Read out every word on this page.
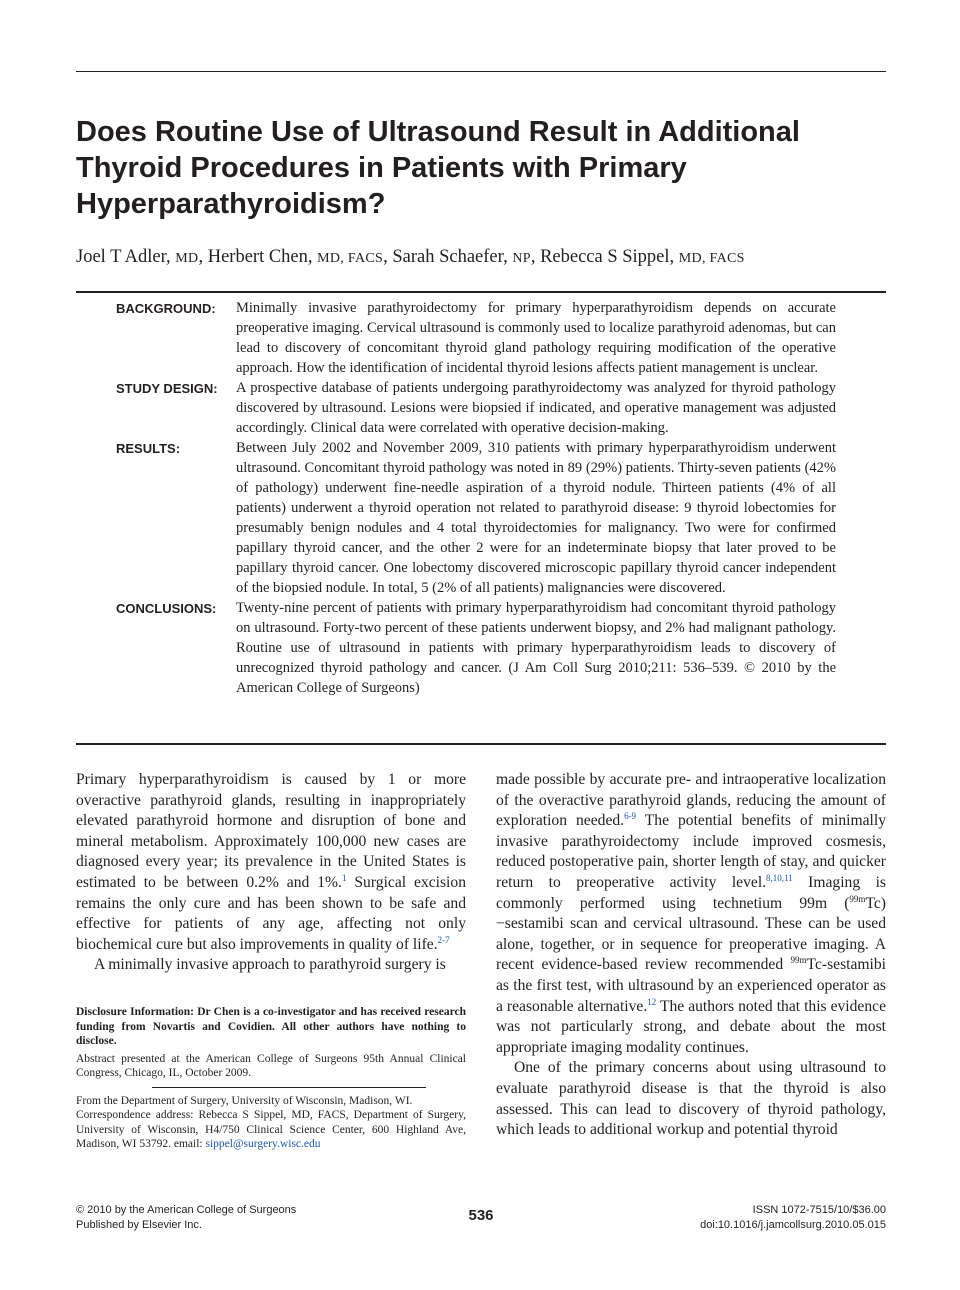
Does Routine Use of Ultrasound Result in Additional Thyroid Procedures in Patients with Primary Hyperparathyroidism?
Joel T Adler, MD, Herbert Chen, MD, FACS, Sarah Schaefer, NP, Rebecca S Sippel, MD, FACS
BACKGROUND:	Minimally invasive parathyroidectomy for primary hyperparathyroidism depends on accurate preoperative imaging. Cervical ultrasound is commonly used to localize parathyroid adenomas, but can lead to discovery of concomitant thyroid gland pathology requiring modification of the operative approach. How the identification of incidental thyroid lesions affects patient management is unclear.
STUDY DESIGN:	A prospective database of patients undergoing parathyroidectomy was analyzed for thyroid pathology discovered by ultrasound. Lesions were biopsied if indicated, and operative management was adjusted accordingly. Clinical data were correlated with operative decision-making.
RESULTS:	Between July 2002 and November 2009, 310 patients with primary hyperparathyroidism underwent ultrasound. Concomitant thyroid pathology was noted in 89 (29%) patients. Thirty-seven patients (42% of pathology) underwent fine-needle aspiration of a thyroid nodule. Thirteen patients (4% of all patients) underwent a thyroid operation not related to parathyroid disease: 9 thyroid lobectomies for presumably benign nodules and 4 total thyroidectomies for malignancy. Two were for confirmed papillary thyroid cancer, and the other 2 were for an indeterminate biopsy that later proved to be papillary thyroid cancer. One lobectomy discovered microscopic papillary thyroid cancer independent of the biopsied nodule. In total, 5 (2% of all patients) malignancies were discovered.
CONCLUSIONS:	Twenty-nine percent of patients with primary hyperparathyroidism had concomitant thyroid pathology on ultrasound. Forty-two percent of these patients underwent biopsy, and 2% had malignant pathology. Routine use of ultrasound in patients with primary hyperparathyroidism leads to discovery of unrecognized thyroid pathology and cancer. (J Am Coll Surg 2010;211: 536–539. © 2010 by the American College of Surgeons)

Primary hyperparathyroidism is caused by 1 or more overactive parathyroid glands, resulting in inappropriately elevated parathyroid hormone and disruption of bone and mineral metabolism. Approximately 100,000 new cases are diagnosed every year; its prevalence in the United States is estimated to be between 0.2% and 1%.$^1$ Surgical excision remains the only cure and has been shown to be safe and effective for patients of any age, affecting not only biochemical cure but also improvements in quality of life.$^{2-7}$

A minimally invasive approach to parathyroid surgery is

Disclosure Information: Dr Chen is a co-investigator and has received research funding from Novartis and Covidien. All other authors have nothing to disclose.

Abstract presented at the American College of Surgeons 95th Annual Clinical Congress, Chicago, IL, October 2009.

From the Department of Surgery, University of Wisconsin, Madison, WI.

Correspondence address: Rebecca S Sippel, MD, FACS, Department of Surgery, University of Wisconsin, H4/750 Clinical Science Center, 600 Highland Ave, Madison, WI 53792. email: sippel@surgery.wisc.edu

made possible by accurate pre- and intraoperative localization of the overactive parathyroid glands, reducing the amount of exploration needed.$^{6-9}$ The potential benefits of minimally invasive parathyroidectomy include improved cosmesis, reduced postoperative pain, shorter length of stay, and quicker return to preoperative activity level.$^{8,10,11}$ Imaging is commonly performed using technetium 99m ($^{99m}$Tc)−sestamibi scan and cervical ultrasound. These can be used alone, together, or in sequence for preoperative imaging. A recent evidence-based review recommended $^{99m}$Tc-sestamibi as the first test, with ultrasound by an experienced operator as a reasonable alternative.$^{12}$ The authors noted that this evidence was not particularly strong, and debate about the most appropriate imaging modality continues.

One of the primary concerns about using ultrasound to evaluate parathyroid disease is that the thyroid is also assessed. This can lead to discovery of thyroid pathology, which leads to additional workup and potential thyroid

© 2010 by the American College of Surgeons
Published by Elsevier Inc.
536	ISSN 1072-7515/10/$36.00
doi:10.1016/j.jamcollsurg.2010.05.015
